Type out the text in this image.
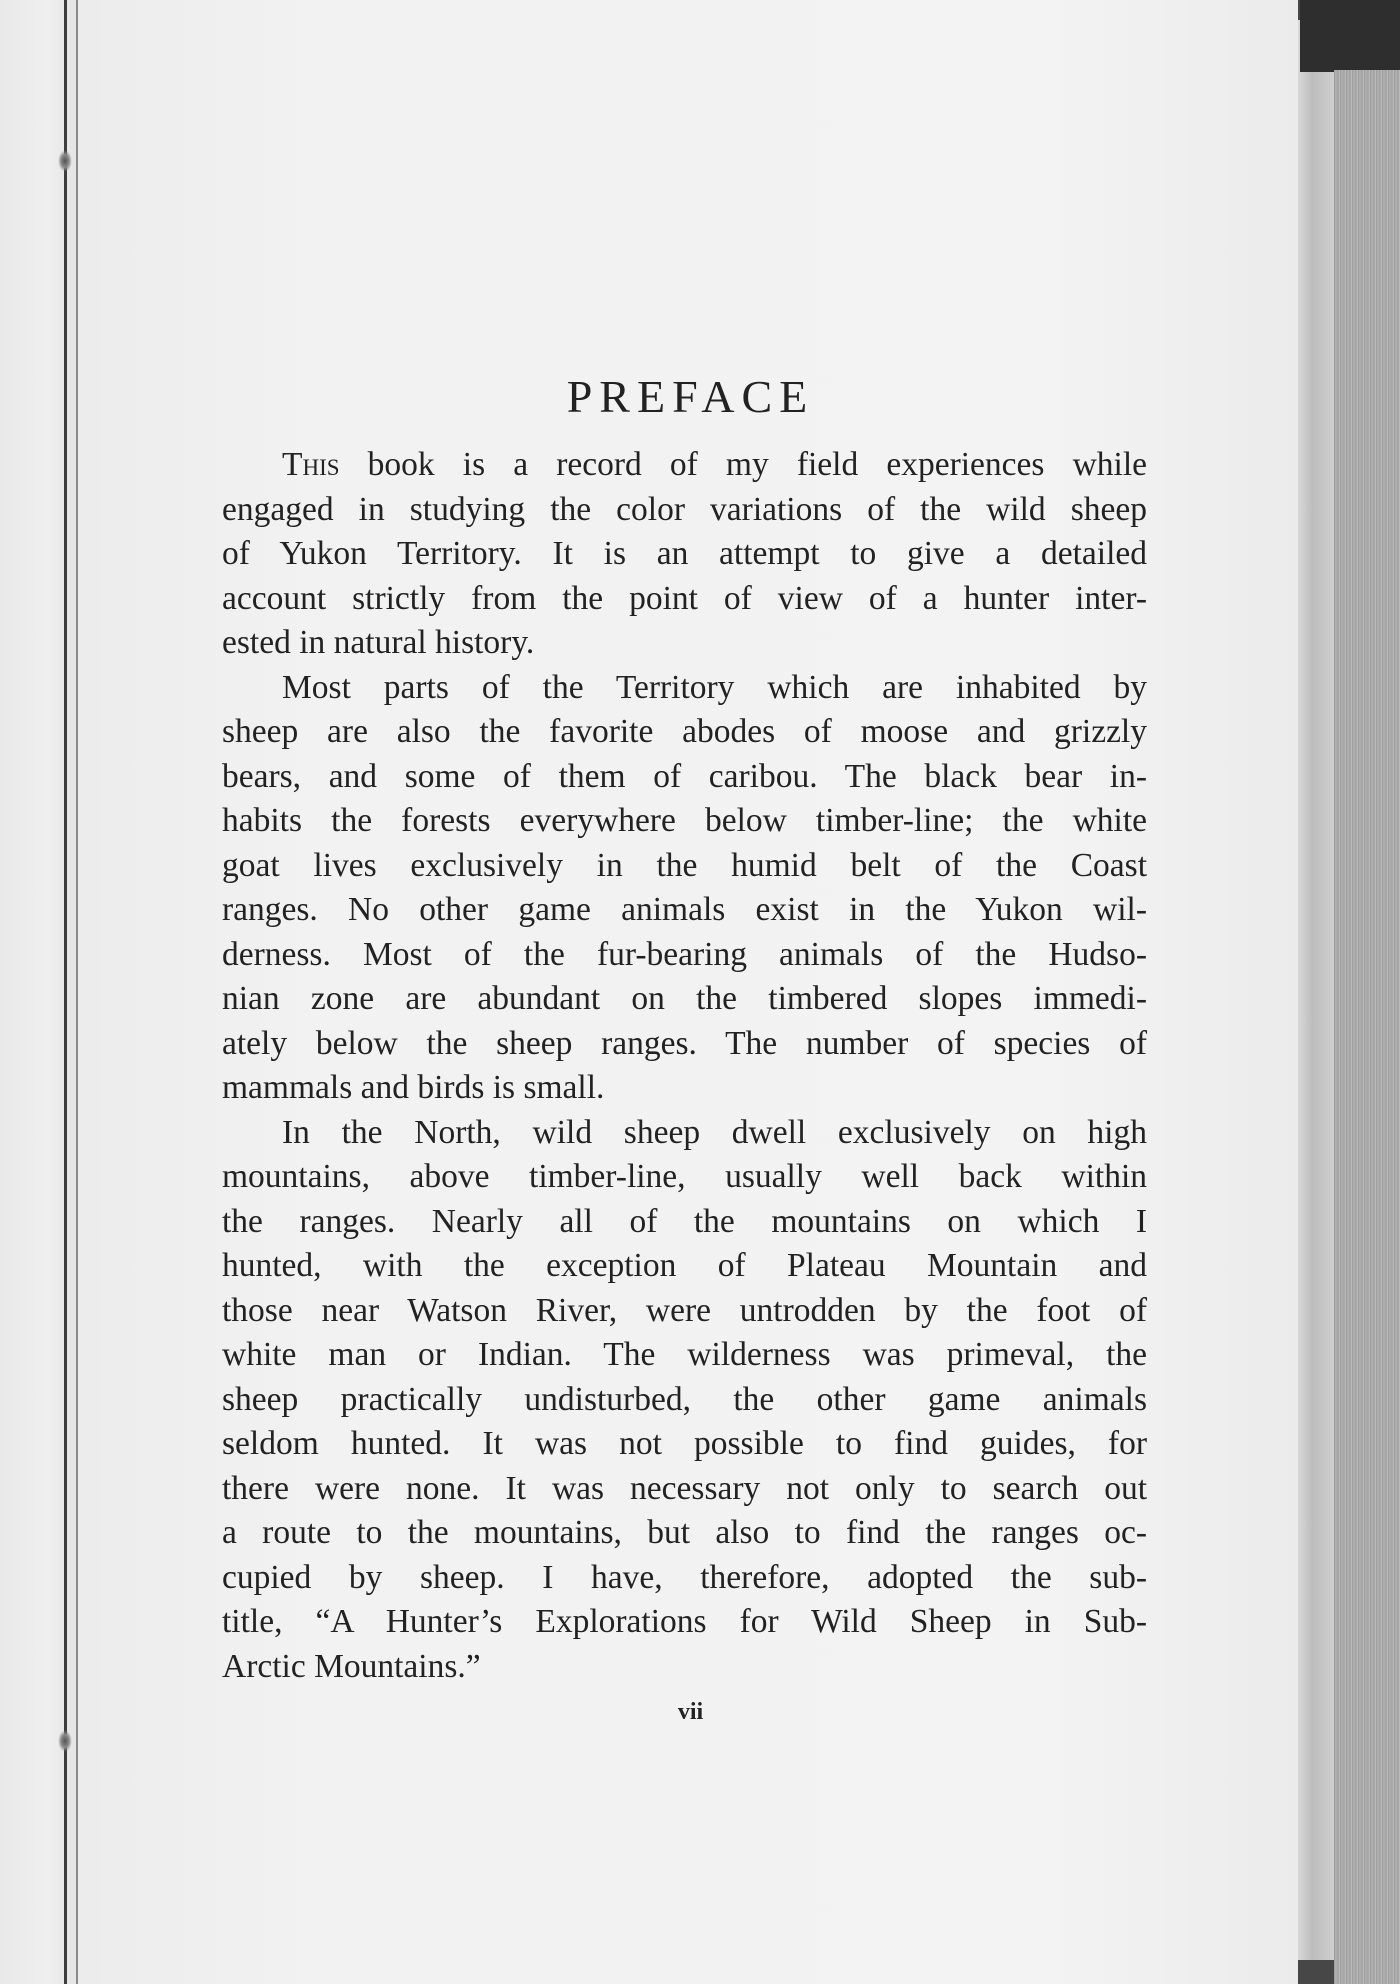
PREFACE

This book is a record of my field experiences while
engaged in studying the color variations of the wild sheep
of Yukon Territory. It is an attempt to give a detailed
account strictly from the point of view of a hunter inter-
ested in natural history.

Most parts of the Territory which are inhabited by
sheep are also the favorite abodes of moose and grizzly
bears, and some of them of caribou. The black bear in-
habits the forests everywhere below timber-line; the white
goat lives exclusively in the humid belt of the Coast
ranges. No other game animals exist in the Yukon wil-
derness. Most of the fur-bearing animals of the Hudso-
nian zone are abundant on the timbered slopes immedi-
ately below the sheep ranges. The number of species of
mammals and birds is small.

In the North, wild sheep dwell exclusively on high
mountains, above timber-line, usually well back within
the ranges. Nearly all of the mountains on which I
hunted, with the exception of Plateau Mountain and
those near Watson River, were untrodden by the foot of
white man or Indian. The wilderness was primeval, the
sheep practically undisturbed, the other game animals
seldom hunted. It was not possible to find guides, for
there were none. It was necessary not only to search out
a route to the mountains, but also to find the ranges oc-
cupied by sheep. I have, therefore, adopted the sub-
title, “A Hunter’s Explorations for Wild Sheep in Sub-
Arctic Mountains.”

vii
